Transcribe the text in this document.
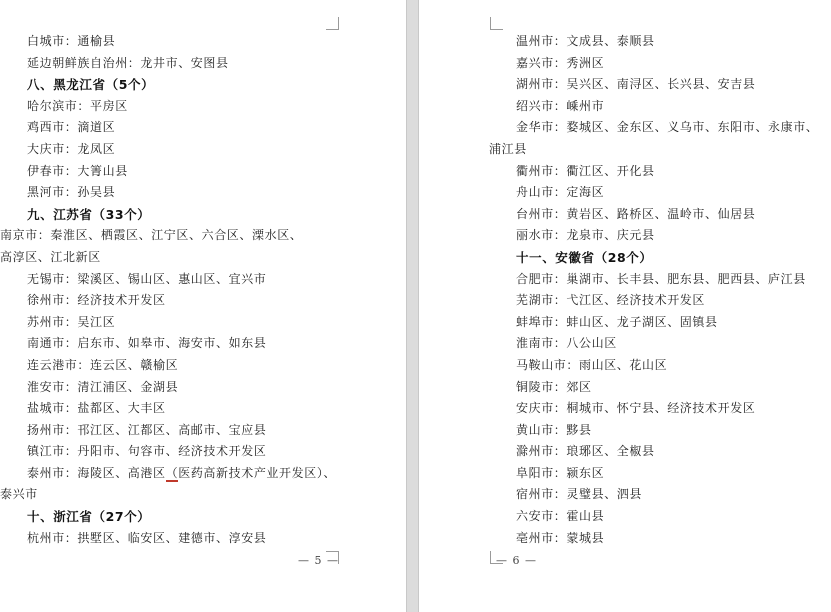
白城市：通榆县
延边朝鲜族自治州：龙井市、安图县
八、黑龙江省（5个）
哈尔滨市：平房区
鸡西市：滴道区
大庆市：龙凤区
伊春市：大箐山县
黑河市：孙吴县
九、江苏省（33个）
南京市：秦淮区、栖霞区、江宁区、六合区、溧水区、
高淳区、江北新区
无锡市：梁溪区、锡山区、惠山区、宜兴市
徐州市：经济技术开发区
苏州市：吴江区
南通市：启东市、如皋市、海安市、如东县
连云港市：连云区、赣榆区
淮安市：清江浦区、金湖县
盐城市：盐都区、大丰区
扬州市：邗江区、江都区、高邮市、宝应县
镇江市：丹阳市、句容市、经济技术开发区
泰州市：海陵区、高港区（医药高新技术产业开发区）、
泰兴市
十、浙江省（27个）
杭州市：拱墅区、临安区、建德市、淳安县
— 5 —
温州市：文成县、泰顺县
嘉兴市：秀洲区
湖州市：吴兴区、南浔区、长兴县、安吉县
绍兴市：嵊州市
金华市：婺城区、金东区、义乌市、东阳市、永康市、
浦江县
衢州市：衢江区、开化县
舟山市：定海区
台州市：黄岩区、路桥区、温岭市、仙居县
丽水市：龙泉市、庆元县
十一、安徽省（28个）
合肥市：巢湖市、长丰县、肥东县、肥西县、庐江县
芜湖市：弋江区、经济技术开发区
蚌埠市：蚌山区、龙子湖区、固镇县
淮南市：八公山区
马鞍山市：雨山区、花山区
铜陵市：郊区
安庆市：桐城市、怀宁县、经济技术开发区
黄山市：黟县
滁州市：琅琊区、全椒县
阜阳市：颍东区
宿州市：灵璧县、泗县
六安市：霍山县
亳州市：蒙城县
— 6 —
